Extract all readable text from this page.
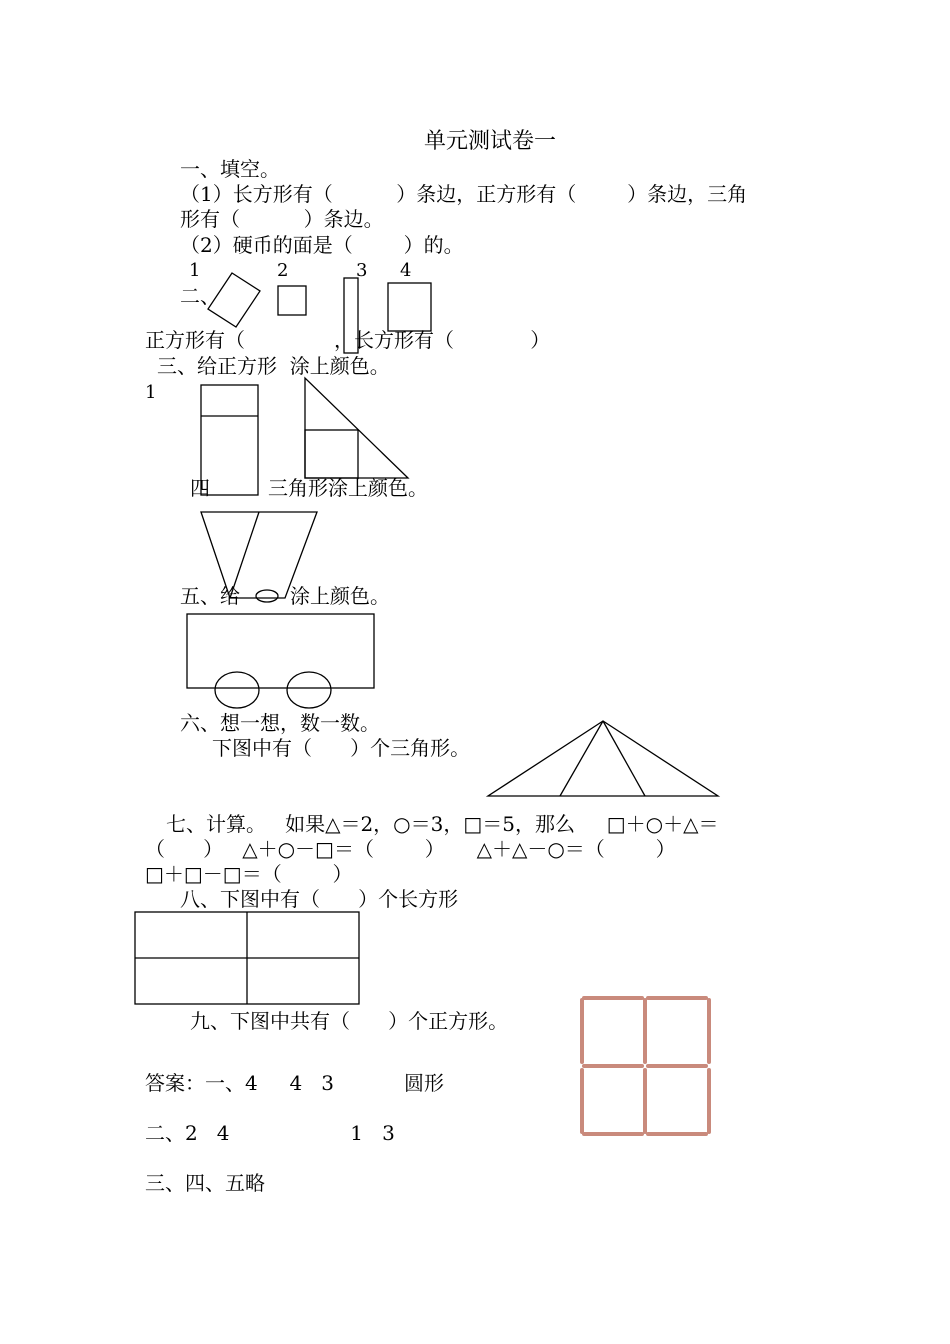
单元测试卷一
一、填空。
（1）长方形有（          ）条边，正方形有（        ）条边，三角
形有（          ）条边。
（2）硬币的面是（        ）的。
1	2	3 4
二、
正方形有（              ，长方形有（            ）
三、给正方形  涂上颜色。
1
四	三角形涂上颜色。
五、给	涂上颜色。
六、想一想，数一数。
下图中有（      ）个三角形。
七、计算。   如果△＝2，○＝3，□＝5，那么     □＋○＋△＝
（      ）   △＋○－□＝（        ）     △＋△－○＝（        ）
□＋□－□＝（        ）
八、下图中有（      ）个长方形
九、下图中共有（      ）个正方形。
答案：一、4     4   3           圆形
二、2   4                   1   3
三、四、五略
